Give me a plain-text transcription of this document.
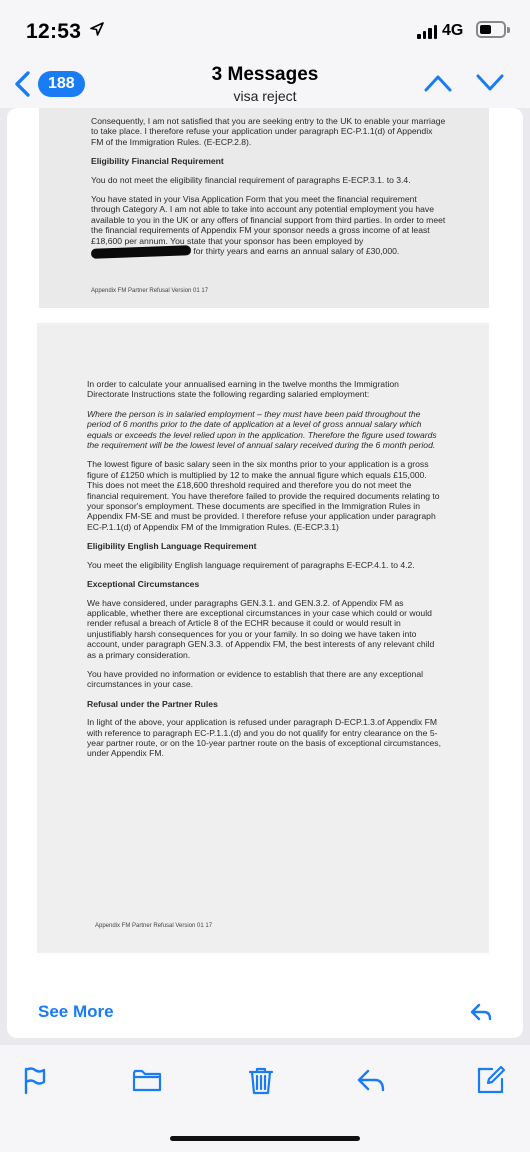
12:53	4G
188	3 Messages
visa reject

Consequently, I am not satisfied that you are seeking entry to the UK to enable your marriage to take place. I therefore refuse your application under paragraph EC-P.1.1(d) of Appendix FM of the Immigration Rules. (E-ECP.2.8).

Eligibility Financial Requirement

You do not meet the eligibility financial requirement of paragraphs E-ECP.3.1. to 3.4.

You have stated in your Visa Application Form that you meet the financial requirement through Category A. I am not able to take into account any potential employment you have available to you in the UK or any offers of financial support from third parties. In order to meet the financial requirements of Appendix FM your sponsor needs a gross income of at least £18,600 per annum. You state that your sponsor has been employed by  for thirty years and earns an annual salary of £30,000.

Appendix FM Partner Refusal Version 01 17

In order to calculate your annualised earning in the twelve months the Immigration Directorate Instructions state the following regarding salaried employment:

Where the person is in salaried employment – they must have been paid throughout the period of 6 months prior to the date of application at a level of gross annual salary which equals or exceeds the level relied upon in the application. Therefore the figure used towards the requirement will be the lowest level of annual salary received during the 6 month period.

The lowest figure of basic salary seen in the six months prior to your application is a gross figure of £1250 which is multiplied by 12 to make the annual figure which equals £15,000. This does not meet the £18,600 threshold required and therefore you do not meet the financial requirement. You have therefore failed to provide the required documents relating to your sponsor's employment. These documents are specified in the Immigration Rules in Appendix FM-SE and must be provided. I therefore refuse your application under paragraph EC-P.1.1(d) of Appendix FM of the Immigration Rules. (E-ECP.3.1)

Eligibility English Language Requirement

You meet the eligibility English language requirement of paragraphs E-ECP.4.1. to 4.2.

Exceptional Circumstances

We have considered, under paragraphs GEN.3.1. and GEN.3.2. of Appendix FM as applicable, whether there are exceptional circumstances in your case which could or would render refusal a breach of Article 8 of the ECHR because it could or would result in unjustifiably harsh consequences for you or your family. In so doing we have taken into account, under paragraph GEN.3.3. of Appendix FM, the best interests of any relevant child as a primary consideration.

You have provided no information or evidence to establish that there are any exceptional circumstances in your case.

Refusal under the Partner Rules

In light of the above, your application is refused under paragraph D-ECP.1.3.of Appendix FM with reference to paragraph EC-P.1.1.(d) and you do not qualify for entry clearance on the 5-year partner route, or on the 10-year partner route on the basis of exceptional circumstances, under Appendix FM.

Appendix FM Partner Refusal Version 01 17
See More
